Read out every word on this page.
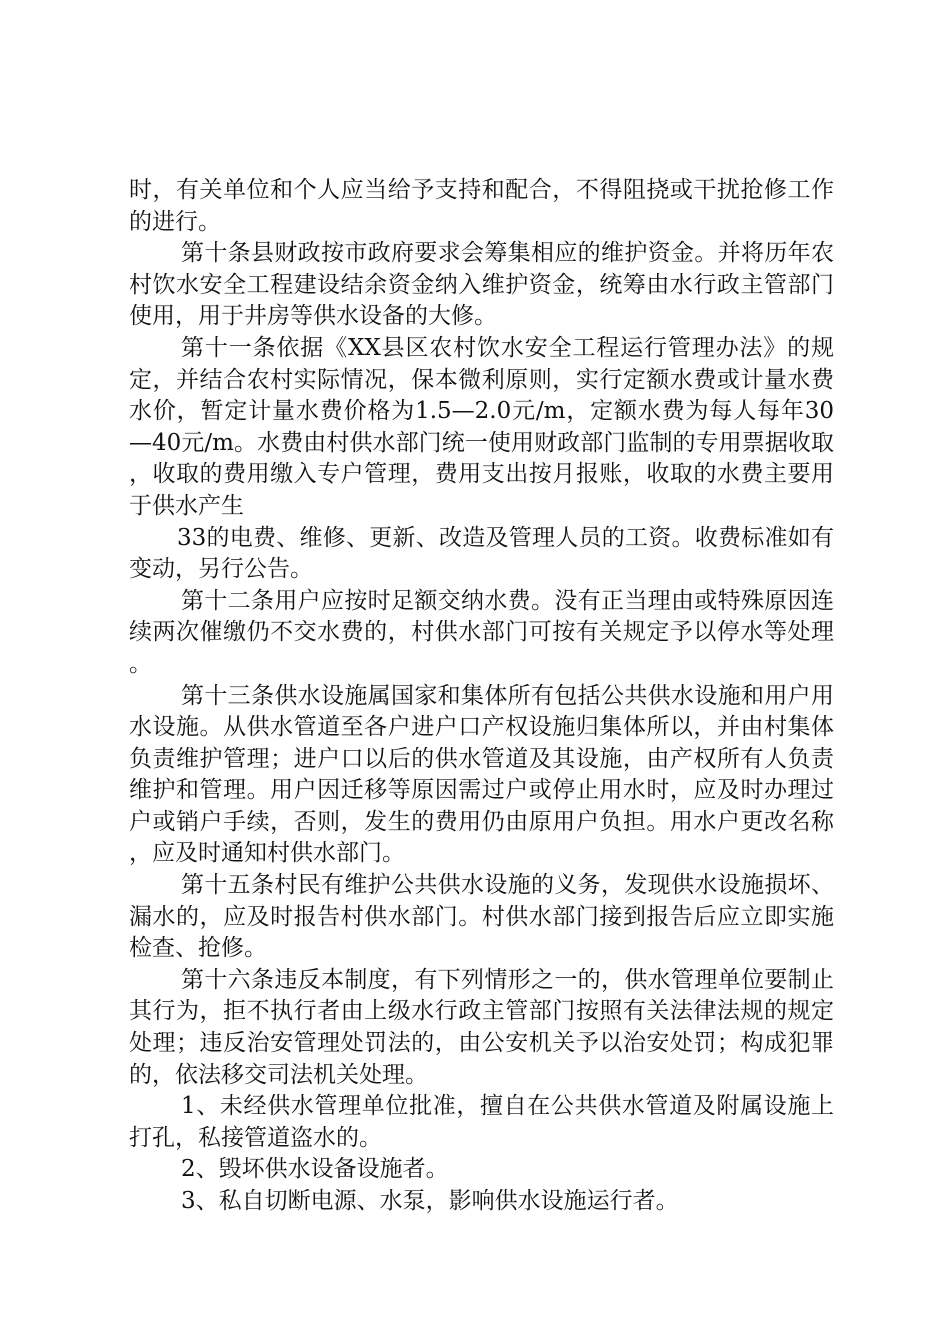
时，有关单位和个人应当给予支持和配合，不得阻挠或干扰抢修工作的进行。

第十条县财政按市政府要求会筹集相应的维护资金。并将历年农村饮水安全工程建设结余资金纳入维护资金，统筹由水行政主管部门使用，用于井房等供水设备的大修。

第十一条依据《XX县区农村饮水安全工程运行管理办法》的规定，并结合农村实际情况，保本微利原则，实行定额水费或计量水费水价，暂定计量水费价格为1.5—2.0元/m，定额水费为每人每年30—40元/m。水费由村供水部门统一使用财政部门监制的专用票据收取，收取的费用缴入专户管理，费用支出按月报账，收取的水费主要用于供水产生

33的电费、维修、更新、改造及管理人员的工资。收费标准如有变动，另行公告。

第十二条用户应按时足额交纳水费。没有正当理由或特殊原因连续两次催缴仍不交水费的，村供水部门可按有关规定予以停水等处理。

第十三条供水设施属国家和集体所有包括公共供水设施和用户用水设施。从供水管道至各户进户口产权设施归集体所以，并由村集体负责维护管理；进户口以后的供水管道及其设施，由产权所有人负责维护和管理。用户因迁移等原因需过户或停止用水时，应及时办理过户或销户手续，否则，发生的费用仍由原用户负担。用水户更改名称，应及时通知村供水部门。

第十五条村民有维护公共供水设施的义务，发现供水设施损坏、漏水的，应及时报告村供水部门。村供水部门接到报告后应立即实施检查、抢修。

第十六条违反本制度，有下列情形之一的，供水管理单位要制止其行为，拒不执行者由上级水行政主管部门按照有关法律法规的规定处理；违反治安管理处罚法的，由公安机关予以治安处罚；构成犯罪的，依法移交司法机关处理。

1、未经供水管理单位批准，擅自在公共供水管道及附属设施上打孔，私接管道盗水的。

2、毁坏供水设备设施者。

3、私自切断电源、水泵，影响供水设施运行者。
